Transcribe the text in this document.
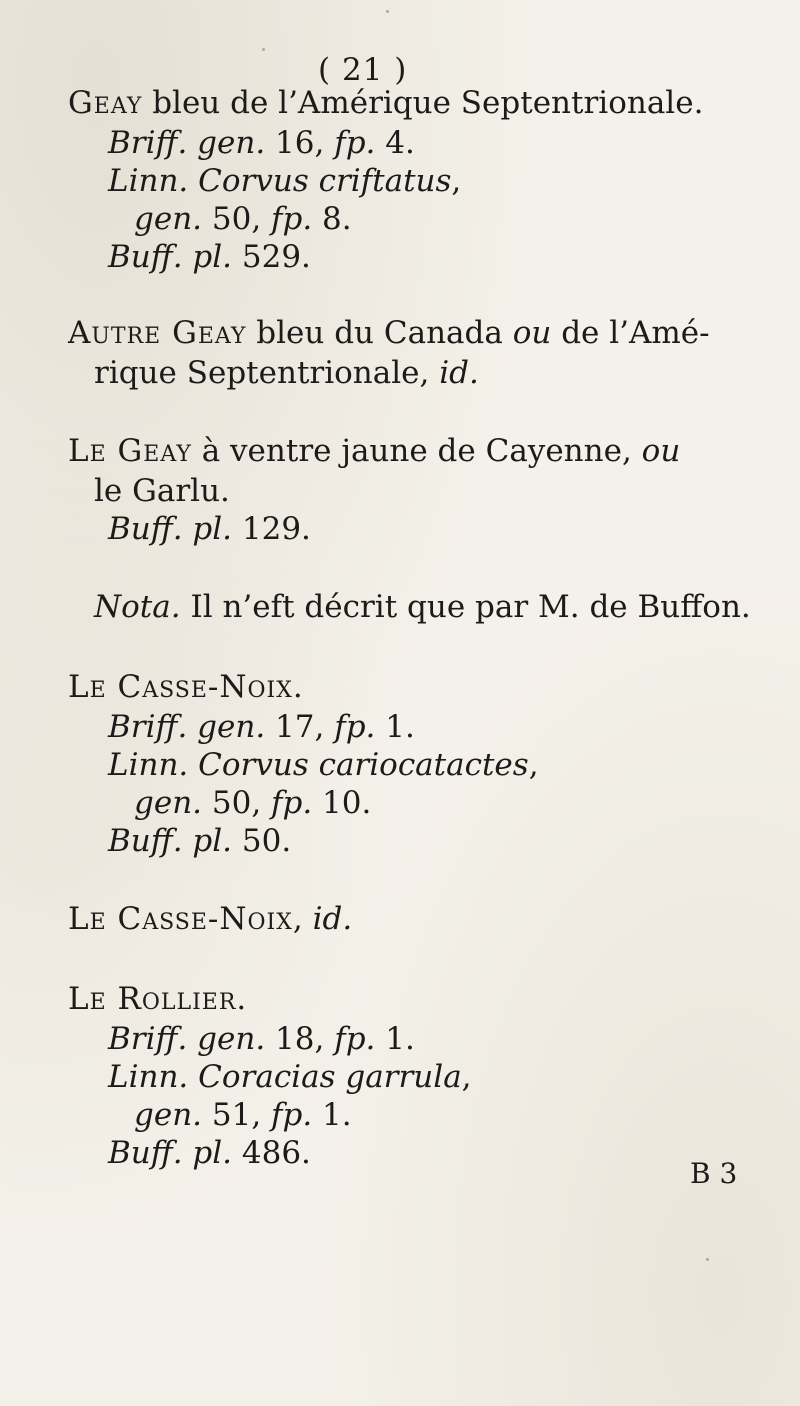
( 21 )
Geay bleu de l’Amérique Septentrionale.
Briff. gen. 16, fp. 4.
Linn. Corvus criftatus,
gen. 50, fp. 8.
Buff. pl. 529.
Autre Geay bleu du Canada ou de l’Amé-
rique Septentrionale, id.
Le Geay à ventre jaune de Cayenne, ou
le Garlu.
Buff. pl. 129.
Nota. Il n’eft décrit que par M. de Buffon.
Le Casse-Noix.
Briff. gen. 17, fp. 1.
Linn. Corvus cariocatactes,
gen. 50, fp. 10.
Buff. pl. 50.
Le Casse-Noix, id.
Le Rollier.
Briff. gen. 18, fp. 1.
Linn. Coracias garrula,
gen. 51, fp. 1.
Buff. pl. 486.
B 3
